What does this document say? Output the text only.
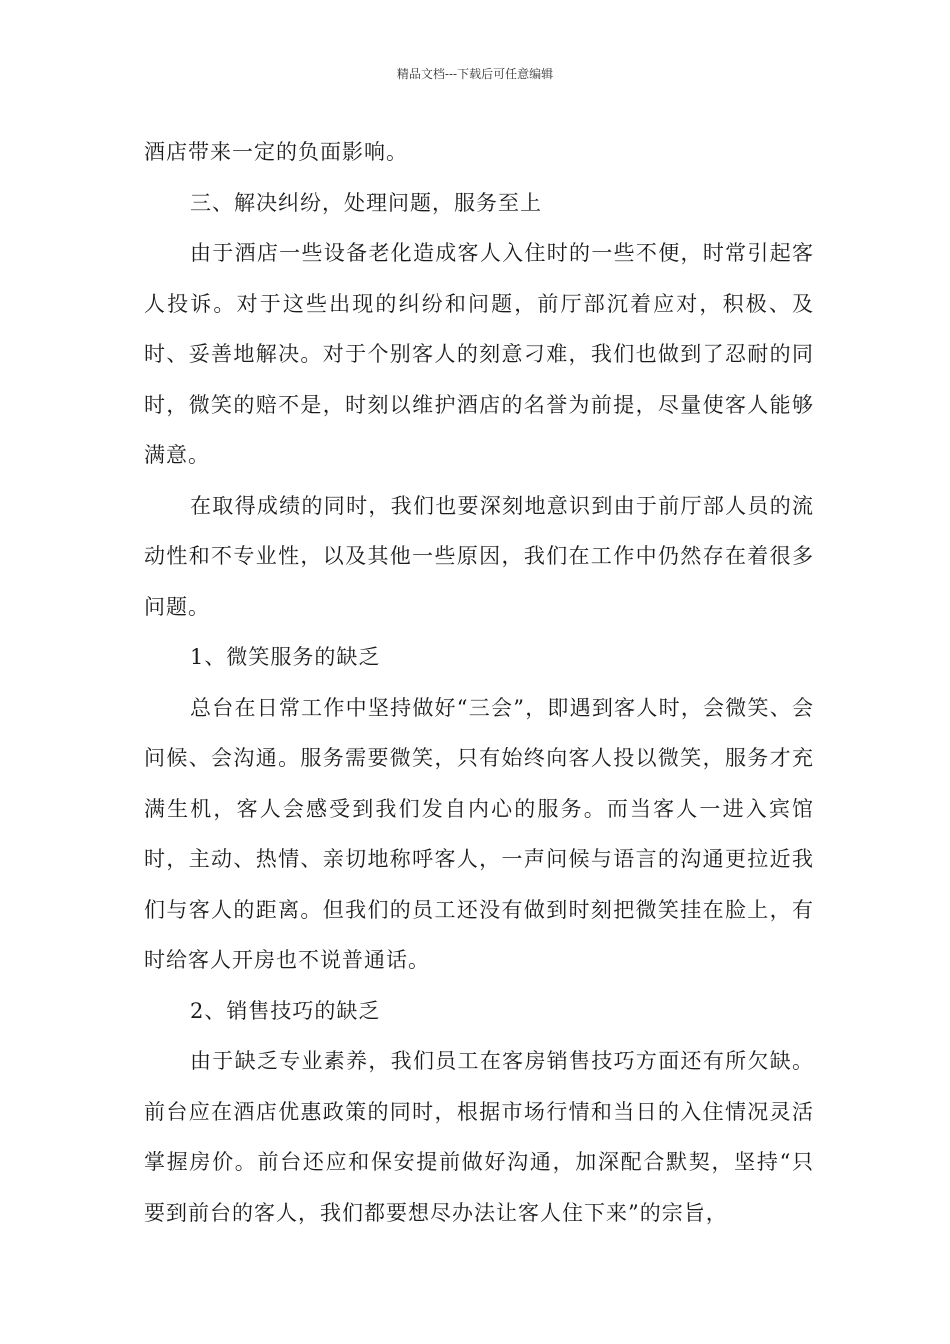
精品文档---下载后可任意编辑

酒店带来一定的负面影响。

三、解决纠纷，处理问题，服务至上

由于酒店一些设备老化造成客人入住时的一些不便，时常引起客人投诉。对于这些出现的纠纷和问题，前厅部沉着应对，积极、及时、妥善地解决。对于个别客人的刻意刁难，我们也做到了忍耐的同时，微笑的赔不是，时刻以维护酒店的名誉为前提，尽量使客人能够满意。

在取得成绩的同时，我们也要深刻地意识到由于前厅部人员的流动性和不专业性，以及其他一些原因，我们在工作中仍然存在着很多问题。

1、微笑服务的缺乏

总台在日常工作中坚持做好“三会”，即遇到客人时，会微笑、会问候、会沟通。服务需要微笑，只有始终向客人投以微笑，服务才充满生机，客人会感受到我们发自内心的服务。而当客人一进入宾馆时，主动、热情、亲切地称呼客人，一声问候与语言的沟通更拉近我们与客人的距离。但我们的员工还没有做到时刻把微笑挂在脸上，有时给客人开房也不说普通话。

2、销售技巧的缺乏

由于缺乏专业素养，我们员工在客房销售技巧方面还有所欠缺。前台应在酒店优惠政策的同时，根据市场行情和当日的入住情况灵活掌握房价。前台还应和保安提前做好沟通，加深配合默契，坚持“只要到前台的客人，我们都要想尽办法让客人住下来”的宗旨，
